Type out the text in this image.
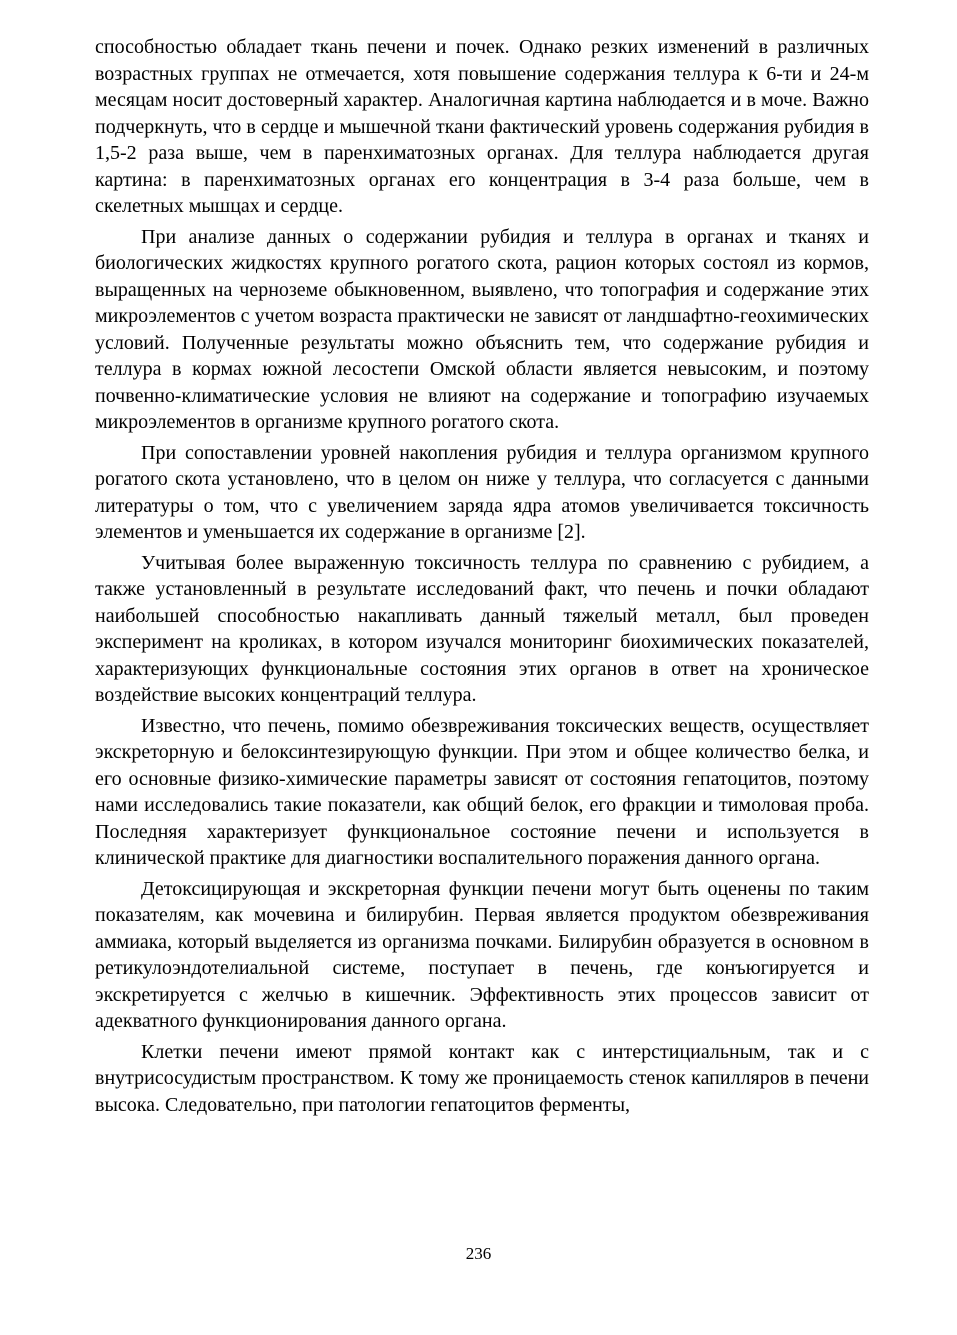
способностью обладает ткань печени и почек. Однако резких изменений в различных возрастных группах не отмечается, хотя повышение содержания теллура к 6-ти и 24-м месяцам носит достоверный характер. Аналогичная картина наблюдается и в моче. Важно подчеркнуть, что в сердце и мышечной ткани фактический уровень содержания рубидия в 1,5-2 раза выше, чем в паренхиматозных органах. Для теллура наблюдается другая картина: в паренхиматозных органах его концентрация в 3-4 раза больше, чем в скелетных мышцах и сердце.

При анализе данных о содержании рубидия и теллура в органах и тканях и биологических жидкостях крупного рогатого скота, рацион которых состоял из кормов, выращенных на черноземе обыкновенном, выявлено, что топография и содержание этих микроэлементов с учетом возраста практически не зависят от ландшафтно-геохимических условий. Полученные результаты можно объяснить тем, что содержание рубидия и теллура в кормах южной лесостепи Омской области является невысоким, и поэтому почвенно-климатические условия не влияют на содержание и топографию изучаемых микроэлементов в организме крупного рогатого скота.

При сопоставлении уровней накопления рубидия и теллура организмом крупного рогатого скота установлено, что в целом он ниже у теллура, что согласуется с данными литературы о том, что с увеличением заряда ядра атомов увеличивается токсичность элементов и уменьшается их содержание в организме [2].

Учитывая более выраженную токсичность теллура по сравнению с рубидием, а также установленный в результате исследований факт, что печень и почки обладают наибольшей способностью накапливать данный тяжелый металл, был проведен эксперимент на кроликах, в котором изучался мониторинг биохимических показателей, характеризующих функциональные состояния этих органов в ответ на хроническое воздействие высоких концентраций теллура.

Известно, что печень, помимо обезвреживания токсических веществ, осуществляет экскреторную и белоксинтезирующую функции. При этом и общее количество белка, и его основные физико-химические параметры зависят от состояния гепатоцитов, поэтому нами исследовались такие показатели, как общий белок, его фракции и тимоловая проба. Последняя характеризует функциональное состояние печени и используется в клинической практике для диагностики воспалительного поражения данного органа.

Детоксицирующая и экскреторная функции печени могут быть оценены по таким показателям, как мочевина и билирубин. Первая является продуктом обезвреживания аммиака, который выделяется из организма почками. Билирубин образуется в основном в ретикулоэндотелиальной системе, поступает в печень, где конъюгируется и экскретируется с желчью в кишечник. Эффективность этих процессов зависит от адекватного функционирования данного органа.

Клетки печени имеют прямой контакт как с интерстициальным, так и с внутрисосудистым пространством. К тому же проницаемость стенок капилляров в печени высока. Следовательно, при патологии гепатоцитов ферменты,

236
